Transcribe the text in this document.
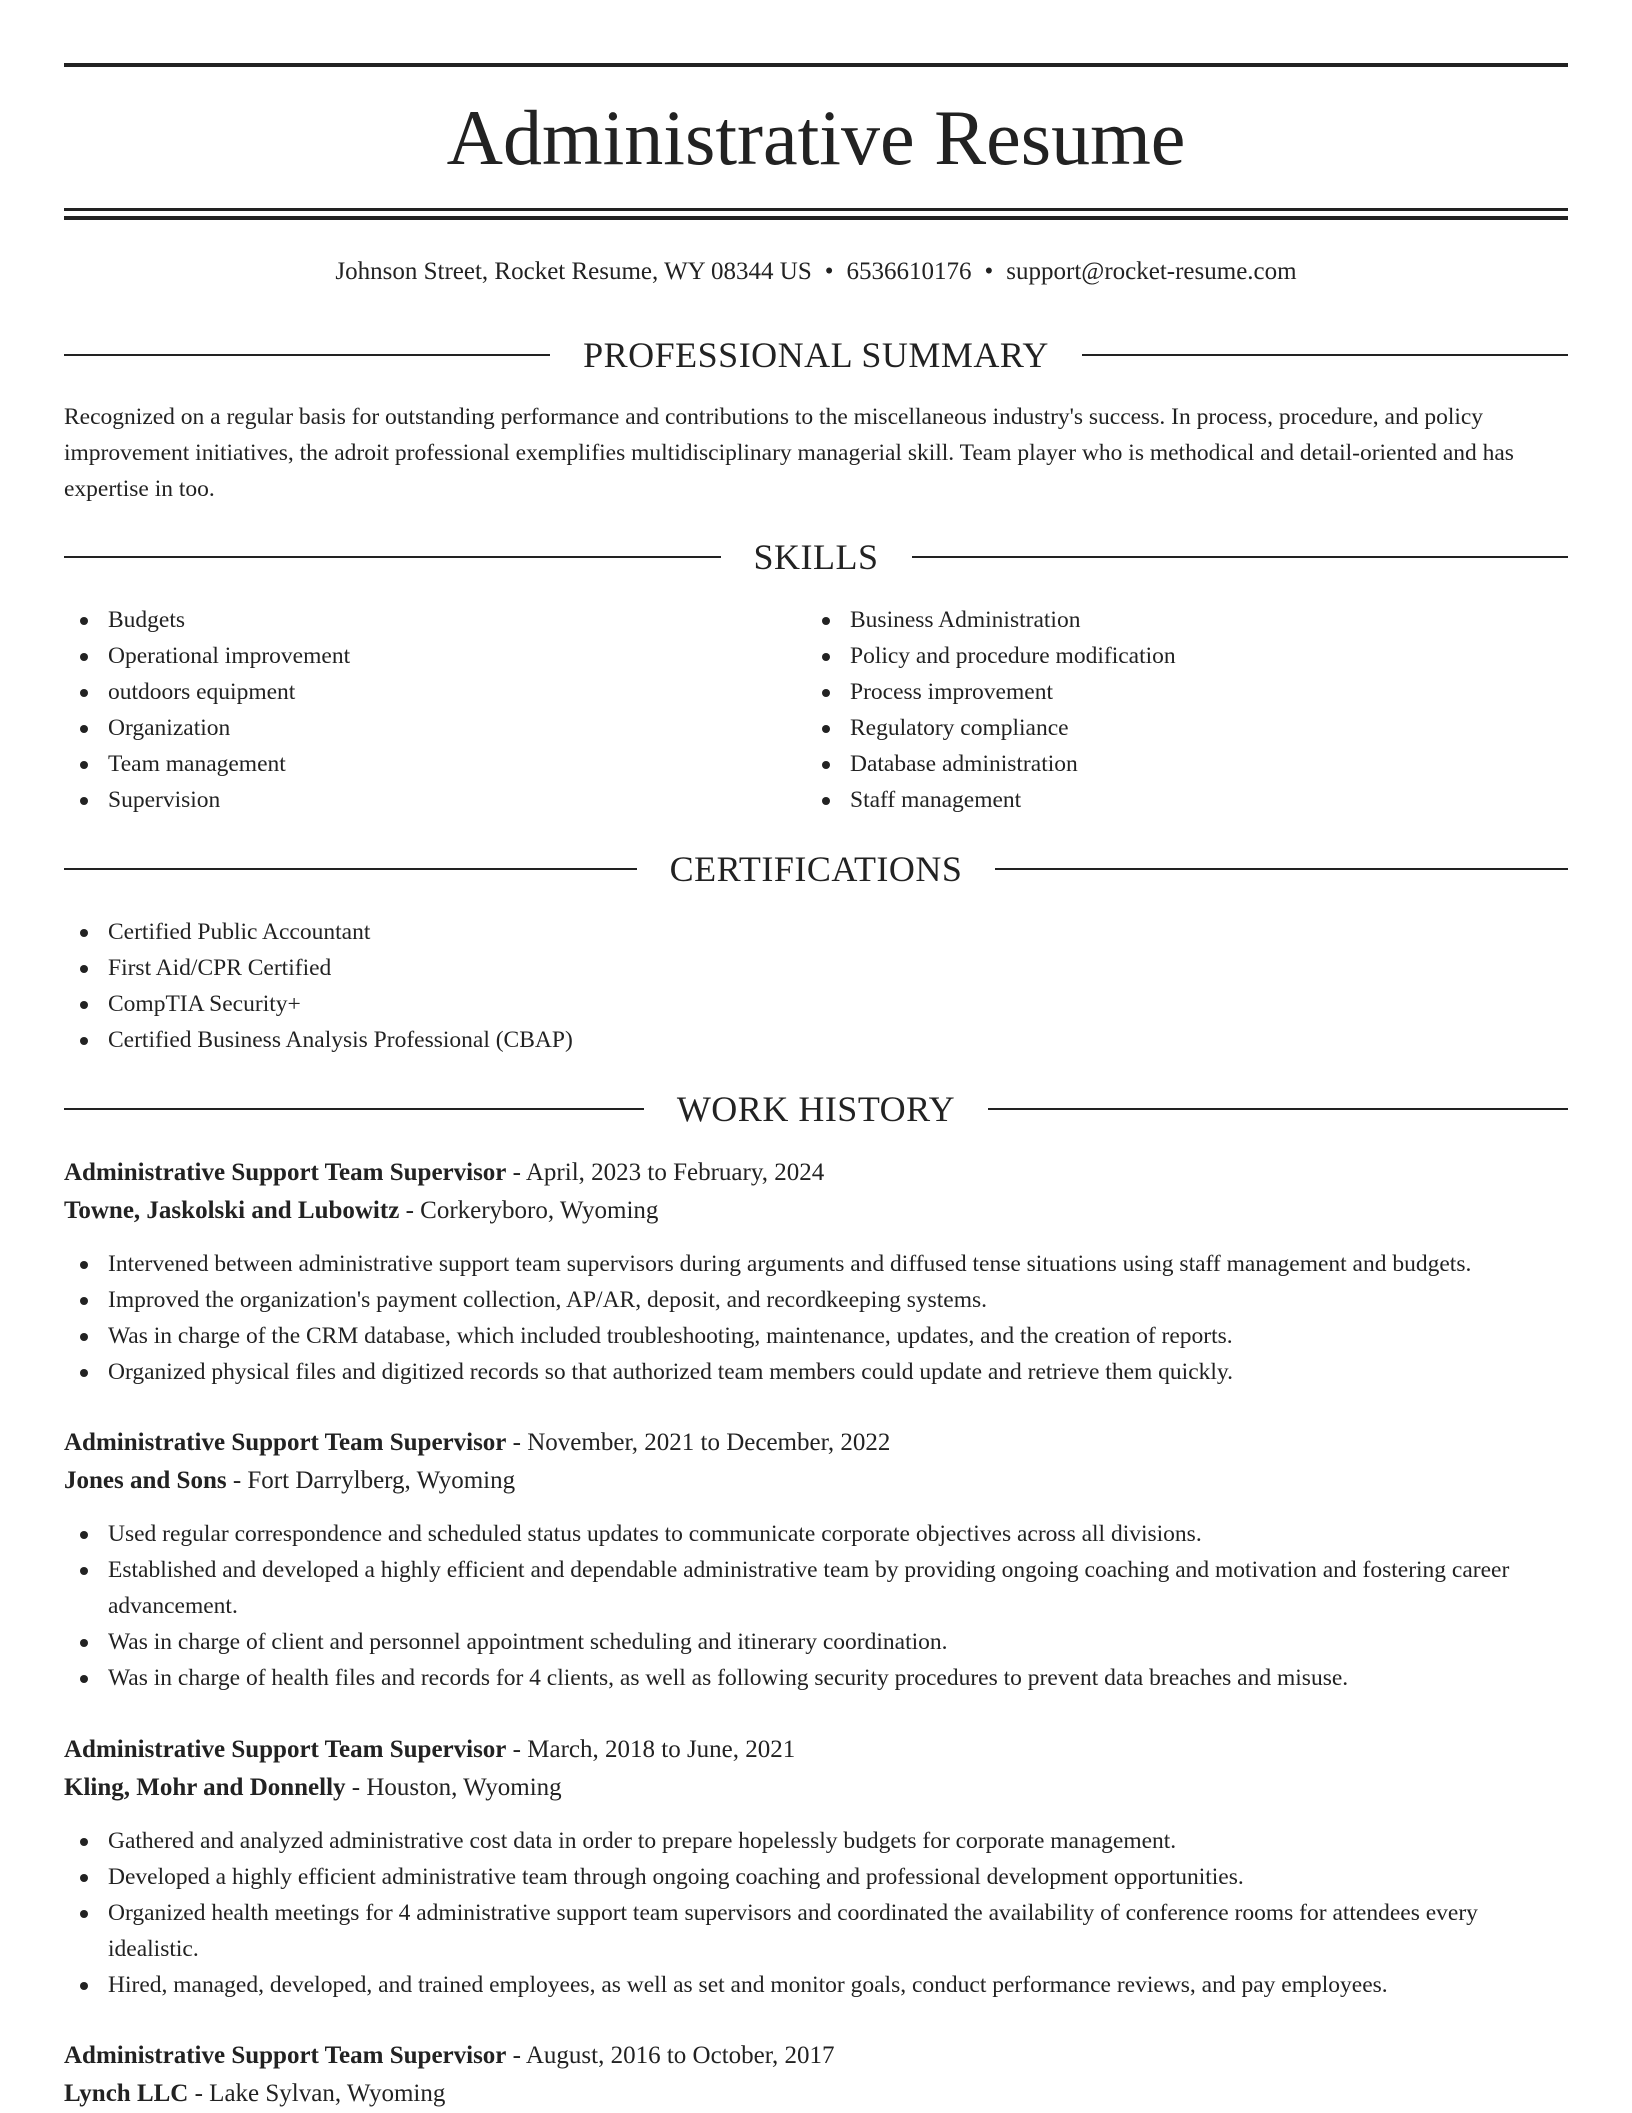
Administrative Resume
Johnson Street, Rocket Resume, WY 08344 US • 6536610176 • support@rocket-resume.com
PROFESSIONAL SUMMARY

Recognized on a regular basis for outstanding performance and contributions to the miscellaneous industry's success. In process, procedure, and policy improvement initiatives, the adroit professional exemplifies multidisciplinary managerial skill. Team player who is methodical and detail-oriented and has expertise in too.

SKILLS
Budgets
Operational improvement
outdoors equipment
Organization
Team management
Supervision
Business Administration
Policy and procedure modification
Process improvement
Regulatory compliance
Database administration
Staff management
CERTIFICATIONS
Certified Public Accountant
First Aid/CPR Certified
CompTIA Security+
Certified Business Analysis Professional (CBAP)
WORK HISTORY
Administrative Support Team Supervisor - April, 2023 to February, 2024
Towne, Jaskolski and Lubowitz - Corkeryboro, Wyoming
Intervened between administrative support team supervisors during arguments and diffused tense situations using staff management and budgets.
Improved the organization's payment collection, AP/AR, deposit, and recordkeeping systems.
Was in charge of the CRM database, which included troubleshooting, maintenance, updates, and the creation of reports.
Organized physical files and digitized records so that authorized team members could update and retrieve them quickly.
Administrative Support Team Supervisor - November, 2021 to December, 2022
Jones and Sons - Fort Darrylberg, Wyoming
Used regular correspondence and scheduled status updates to communicate corporate objectives across all divisions.
Established and developed a highly efficient and dependable administrative team by providing ongoing coaching and motivation and fostering career advancement.
Was in charge of client and personnel appointment scheduling and itinerary coordination.
Was in charge of health files and records for 4 clients, as well as following security procedures to prevent data breaches and misuse.
Administrative Support Team Supervisor - March, 2018 to June, 2021
Kling, Mohr and Donnelly - Houston, Wyoming
Gathered and analyzed administrative cost data in order to prepare hopelessly budgets for corporate management.
Developed a highly efficient administrative team through ongoing coaching and professional development opportunities.
Organized health meetings for 4 administrative support team supervisors and coordinated the availability of conference rooms for attendees every idealistic.
Hired, managed, developed, and trained employees, as well as set and monitor goals, conduct performance reviews, and pay employees.
Administrative Support Team Supervisor - August, 2016 to October, 2017
Lynch LLC - Lake Sylvan, Wyoming
